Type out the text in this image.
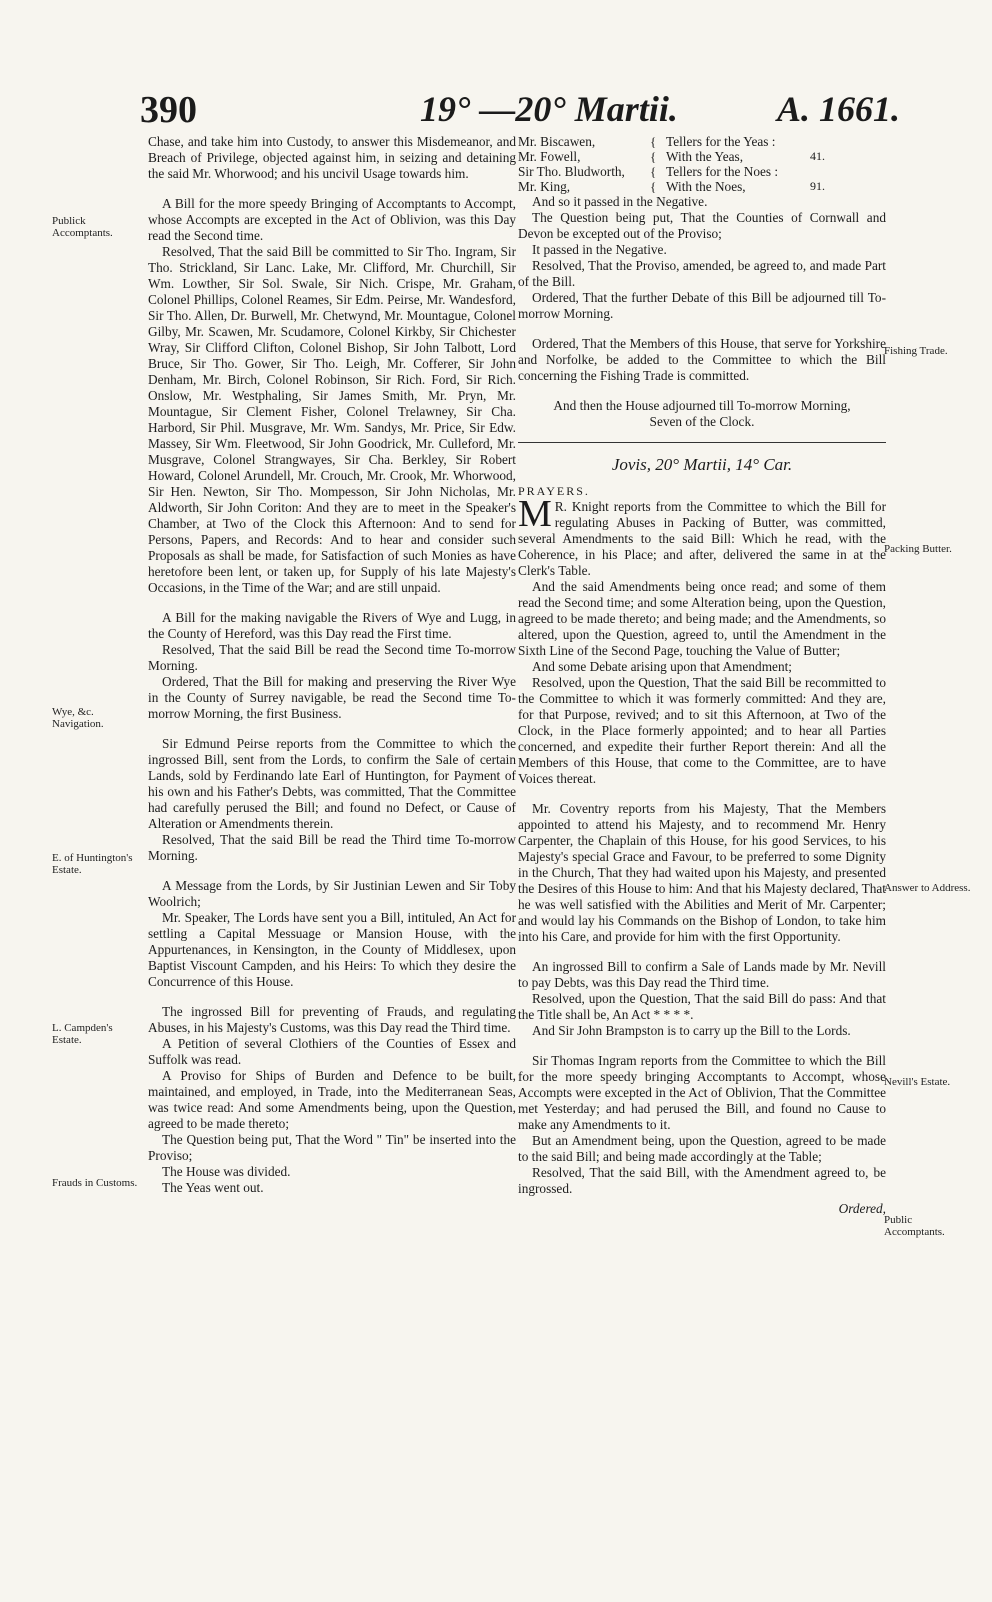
390	19° —20° Martii.	A. 1661.
Publick Accomptants.
Wye, &c. Navigation.
E. of Huntington's Estate.
L. Campden's Estate.
Frauds in Customs.
Fishing Trade.
Packing Butter.
Answer to Address.
Nevill's Estate.
Public Accomptants.

Chase, and take him into Custody, to answer this Misdemeanor, and Breach of Privilege, objected against him, in seizing and detaining the said Mr. Whorwood; and his uncivil Usage towards him.

A Bill for the more speedy Bringing of Accomptants to Accompt, whose Accompts are excepted in the Act of Oblivion, was this Day read the Second time.

Resolved, That the said Bill be committed to Sir Tho. Ingram, Sir Tho. Strickland, Sir Lanc. Lake, Mr. Clifford, Mr. Churchill, Sir Wm. Lowther, Sir Sol. Swale, Sir Nich. Crispe, Mr. Graham, Colonel Phillips, Colonel Reames, Sir Edm. Peirse, Mr. Wandesford, Sir Tho. Allen, Dr. Burwell, Mr. Chetwynd, Mr. Mountague, Colonel Gilby, Mr. Scawen, Mr. Scudamore, Colonel Kirkby, Sir Chichester Wray, Sir Clifford Clifton, Colonel Bishop, Sir John Talbott, Lord Bruce, Sir Tho. Gower, Sir Tho. Leigh, Mr. Cofferer, Sir John Denham, Mr. Birch, Colonel Robinson, Sir Rich. Ford, Sir Rich. Onslow, Mr. Westphaling, Sir James Smith, Mr. Pryn, Mr. Mountague, Sir Clement Fisher, Colonel Trelawney, Sir Cha. Harbord, Sir Phil. Musgrave, Mr. Wm. Sandys, Mr. Price, Sir Edw. Massey, Sir Wm. Fleetwood, Sir John Goodrick, Mr. Culleford, Mr. Musgrave, Colonel Strangwayes, Sir Cha. Berkley, Sir Robert Howard, Colonel Arundell, Mr. Crouch, Mr. Crook, Mr. Whorwood, Sir Hen. Newton, Sir Tho. Mompesson, Sir John Nicholas, Mr. Aldworth, Sir John Coriton: And they are to meet in the Speaker's Chamber, at Two of the Clock this Afternoon: And to send for Persons, Papers, and Records: And to hear and consider such Proposals as shall be made, for Satisfaction of such Monies as have heretofore been lent, or taken up, for Supply of his late Majesty's Occasions, in the Time of the War; and are still unpaid.

A Bill for the making navigable the Rivers of Wye and Lugg, in the County of Hereford, was this Day read the First time.

Resolved, That the said Bill be read the Second time To-morrow Morning.

Ordered, That the Bill for making and preserving the River Wye in the County of Surrey navigable, be read the Second time To-morrow Morning, the first Business.

Sir Edmund Peirse reports from the Committee to which the ingrossed Bill, sent from the Lords, to confirm the Sale of certain Lands, sold by Ferdinando late Earl of Huntington, for Payment of his own and his Father's Debts, was committed, That the Committee had carefully perused the Bill; and found no Defect, or Cause of Alteration or Amendments therein.

Resolved, That the said Bill be read the Third time To-morrow Morning.

A Message from the Lords, by Sir Justinian Lewen and Sir Toby Woolrich;

Mr. Speaker, The Lords have sent you a Bill, intituled, An Act for settling a Capital Messuage or Mansion House, with the Appurtenances, in Kensington, in the County of Middlesex, upon Baptist Viscount Campden, and his Heirs: To which they desire the Concurrence of this House.

The ingrossed Bill for preventing of Frauds, and regulating Abuses, in his Majesty's Customs, was this Day read the Third time.

A Petition of several Clothiers of the Counties of Essex and Suffolk was read.

A Proviso for Ships of Burden and Defence to be built, maintained, and employed, in Trade, into the Mediterranean Seas, was twice read: And some Amendments being, upon the Question, agreed to be made thereto;

The Question being put, That the Word " Tin" be inserted into the Proviso;

The House was divided.

The Yeas went out.

Mr. Biscawen,	{ Tellers for the Yeas :
Mr. Fowell,	{ With the Yeas,	41.
Sir Tho. Bludworth,	{ Tellers for the Noes :
Mr. King,	{ With the Noes,	91.

And so it passed in the Negative.

The Question being put, That the Counties of Cornwall and Devon be excepted out of the Proviso;

It passed in the Negative.

Resolved, That the Proviso, amended, be agreed to, and made Part of the Bill.

Ordered, That the further Debate of this Bill be adjourned till To-morrow Morning.

Ordered, That the Members of this House, that serve for Yorkshire and Norfolke, be added to the Committee to which the Bill concerning the Fishing Trade is committed.

And then the House adjourned till To-morrow Morning, Seven of the Clock.

Jovis, 20° Martii, 14° Car.

PRAYERS.

M R. Knight reports from the Committee to which the Bill for regulating Abuses in Packing of Butter, was committed, several Amendments to the said Bill: Which he read, with the Coherence, in his Place; and after, delivered the same in at the Clerk's Table.

And the said Amendments being once read; and some of them read the Second time; and some Alteration being, upon the Question, agreed to be made thereto; and being made; and the Amendments, so altered, upon the Question, agreed to, until the Amendment in the Sixth Line of the Second Page, touching the Value of Butter;

And some Debate arising upon that Amendment;

Resolved, upon the Question, That the said Bill be recommitted to the Committee to which it was formerly committed: And they are, for that Purpose, revived; and to sit this Afternoon, at Two of the Clock, in the Place formerly appointed; and to hear all Parties concerned, and expedite their further Report therein: And all the Members of this House, that come to the Committee, are to have Voices thereat.

Mr. Coventry reports from his Majesty, That the Members appointed to attend his Majesty, and to recommend Mr. Henry Carpenter, the Chaplain of this House, for his good Services, to his Majesty's special Grace and Favour, to be preferred to some Dignity in the Church, That they had waited upon his Majesty, and presented the Desires of this House to him: And that his Majesty declared, That he was well satisfied with the Abilities and Merit of Mr. Carpenter; and would lay his Commands on the Bishop of London, to take him into his Care, and provide for him with the first Opportunity.

An ingrossed Bill to confirm a Sale of Lands made by Mr. Nevill to pay Debts, was this Day read the Third time.

Resolved, upon the Question, That the said Bill do pass: And that the Title shall be, An Act * * * *.

And Sir John Brampston is to carry up the Bill to the Lords.

Sir Thomas Ingram reports from the Committee to which the Bill for the more speedy bringing Accomptants to Accompt, whose Accompts were excepted in the Act of Oblivion, That the Committee met Yesterday; and had perused the Bill, and found no Cause to make any Amendments to it.

But an Amendment being, upon the Question, agreed to be made to the said Bill; and being made accordingly at the Table;

Resolved, That the said Bill, with the Amendment agreed to, be ingrossed.

Ordered,
